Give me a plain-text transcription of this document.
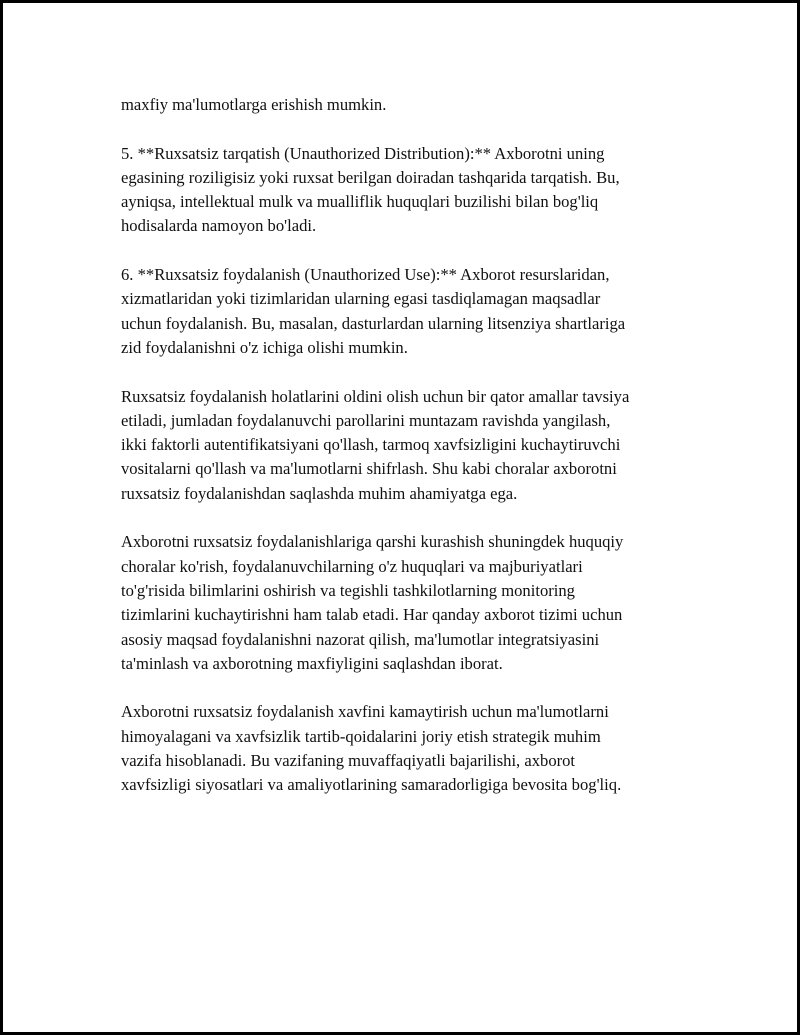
maxfiy ma'lumotlarga erishish mumkin.

5. **Ruxsatsiz tarqatish (Unauthorized Distribution):** Axborotni uning
egasining roziligisiz yoki ruxsat berilgan doiradan tashqarida tarqatish. Bu,
ayniqsa, intellektual mulk va mualliflik huquqlari buzilishi bilan bog'liq
hodisalarda namoyon bo'ladi.

6. **Ruxsatsiz foydalanish (Unauthorized Use):** Axborot resurslaridan,
xizmatlaridan yoki tizimlaridan ularning egasi tasdiqlamagan maqsadlar
uchun foydalanish. Bu, masalan, dasturlardan ularning litsenziya shartlariga
zid foydalanishni o'z ichiga olishi mumkin.

Ruxsatsiz foydalanish holatlarini oldini olish uchun bir qator amallar tavsiya
etiladi, jumladan foydalanuvchi parollarini muntazam ravishda yangilash,
ikki faktorli autentifikatsiyani qo'llash, tarmoq xavfsizligini kuchaytiruvchi
vositalarni qo'llash va ma'lumotlarni shifrlash. Shu kabi choralar axborotni
ruxsatsiz foydalanishdan saqlashda muhim ahamiyatga ega.

Axborotni ruxsatsiz foydalanishlariga qarshi kurashish shuningdek huquqiy
choralar ko'rish, foydalanuvchilarning o'z huquqlari va majburiyatlari
to'g'risida bilimlarini oshirish va tegishli tashkilotlarning monitoring
tizimlarini kuchaytirishni ham talab etadi. Har qanday axborot tizimi uchun
asosiy maqsad foydalanishni nazorat qilish, ma'lumotlar integratsiyasini
ta'minlash va axborotning maxfiyligini saqlashdan iborat.

Axborotni ruxsatsiz foydalanish xavfini kamaytirish uchun ma'lumotlarni
himoyalagani va xavfsizlik tartib-qoidalarini joriy etish strategik muhim
vazifa hisoblanadi. Bu vazifaning muvaffaqiyatli bajarilishi, axborot
xavfsizligi siyosatlari va amaliyotlarining samaradorligiga bevosita bog'liq.
